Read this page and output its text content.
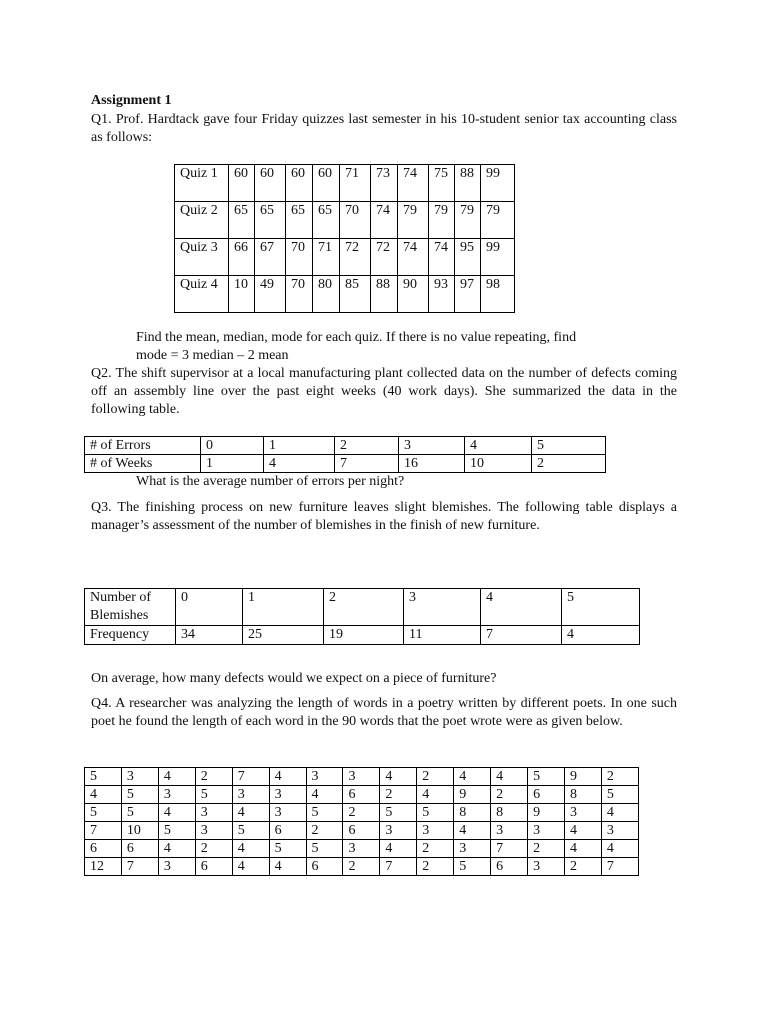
Assignment 1
Q1. Prof. Hardtack gave four Friday quizzes last semester in his 10-student senior tax accounting class as follows:
Quiz 1	60	60	60	60	71	73	74	75	88	99
Quiz 2	65	65	65	65	70	74	79	79	79	79
Quiz 3	66	67	70	71	72	72	74	74	95	99
Quiz 4	10	49	70	80	85	88	90	93	97	98
Find the mean, median, mode for each quiz. If there is no value repeating, find
mode = 3 median – 2 mean
Q2. The shift supervisor at a local manufacturing plant collected data on the number of defects coming off an assembly line over the past eight weeks (40 work days). She summarized the data in the following table.
# of Errors	0	1	2	3	4	5
# of Weeks	1	4	7	16	10	2
What is the average number of errors per night?
Q3. The finishing process on new furniture leaves slight blemishes. The following table displays a manager’s assessment of the number of blemishes in the finish of new furniture.
Number of Blemishes	0	1	2	3	4	5
Frequency	34	25	19	11	7	4
On average, how many defects would we expect on a piece of furniture?
Q4. A researcher was analyzing the length of words in a poetry written by different poets. In one such poet he found the length of each word in the 90 words that the poet wrote were as given below.
5	3	4	2	7	4	3	3	4	2	4	4	5	9	2
4	5	3	5	3	3	4	6	2	4	9	2	6	8	5
5	5	4	3	4	3	5	2	5	5	8	8	9	3	4
7	10	5	3	5	6	2	6	3	3	4	3	3	4	3
6	6	4	2	4	5	5	3	4	2	3	7	2	4	4
12	7	3	6	4	4	6	2	7	2	5	6	3	2	7
